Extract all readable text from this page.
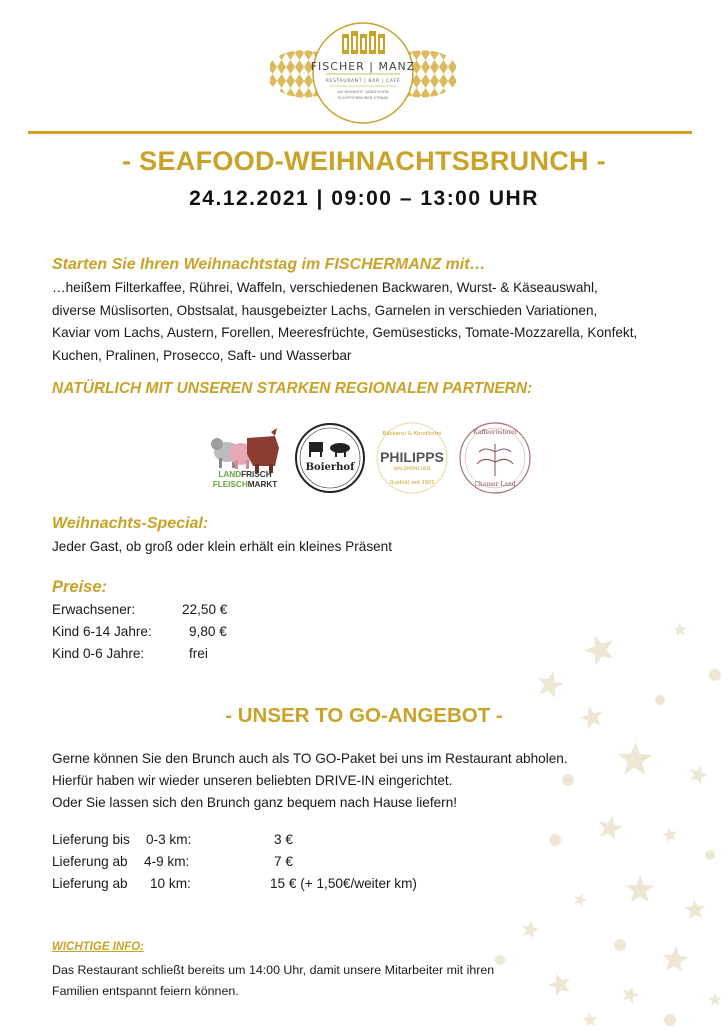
FISCHER | MANZ
RESTAURANT | BAR | CAFÉ
AM BAHNHOF LANDFOURN
SCHÖTTENREINER STRAßE
- SEAFOOD-WEIHNACHTSBRUNCH -
24.12.2021 | 09:00 – 13:00 UHR
Starten Sie Ihren Weihnachtstag im FISCHERMANZ mit…
…heißem Filterkaffee, Rührei, Waffeln, verschiedenen Backwaren, Wurst- & Käseauswahl,
diverse Müslisorten, Obstsalat, hausgebeizter Lachs, Garnelen in verschieden Variationen,
Kaviar vom Lachs, Austern, Forellen, Meeresfrüchte, Gemüsesticks, Tomate-Mozzarella, Konfekt,
Kuchen, Pralinen, Prosecco, Saft- und Wasserbar
NATÜRLICH MIT UNSEREN STARKEN REGIONALEN PARTNERN:
LANDFRISCH
FLEISCHMARKT
Boierhof
Bäckerei & Konditorei
PHILIPPS
WALDMÜNCHEN
Qualität seit 1901
Kaffeerösterei
Chamer Land
Weihnachts-Special:
Jeder Gast, ob groß oder klein erhält ein kleines Präsent
Preise:
Erwachsener:	22,50 €
Kind 6-14 Jahre:	9,80 €
Kind 0-6 Jahre:	frei
- UNSER TO GO-ANGEBOT -
Gerne können Sie den Brunch auch als TO GO-Paket bei uns im Restaurant abholen.
Hierfür haben wir wieder unseren beliebten DRIVE-IN eingerichtet.
Oder Sie lassen sich den Brunch ganz bequem nach Hause liefern!
Lieferung bis 0-3 km:	3 €
Lieferung ab 4-9 km:	7 €
Lieferung ab 10 km:	15 € (+ 1,50€/weiter km)
WICHTIGE INFO:
Das Restaurant schließt bereits um 14:00 Uhr, damit unsere Mitarbeiter mit ihren
Familien entspannt feiern können.
